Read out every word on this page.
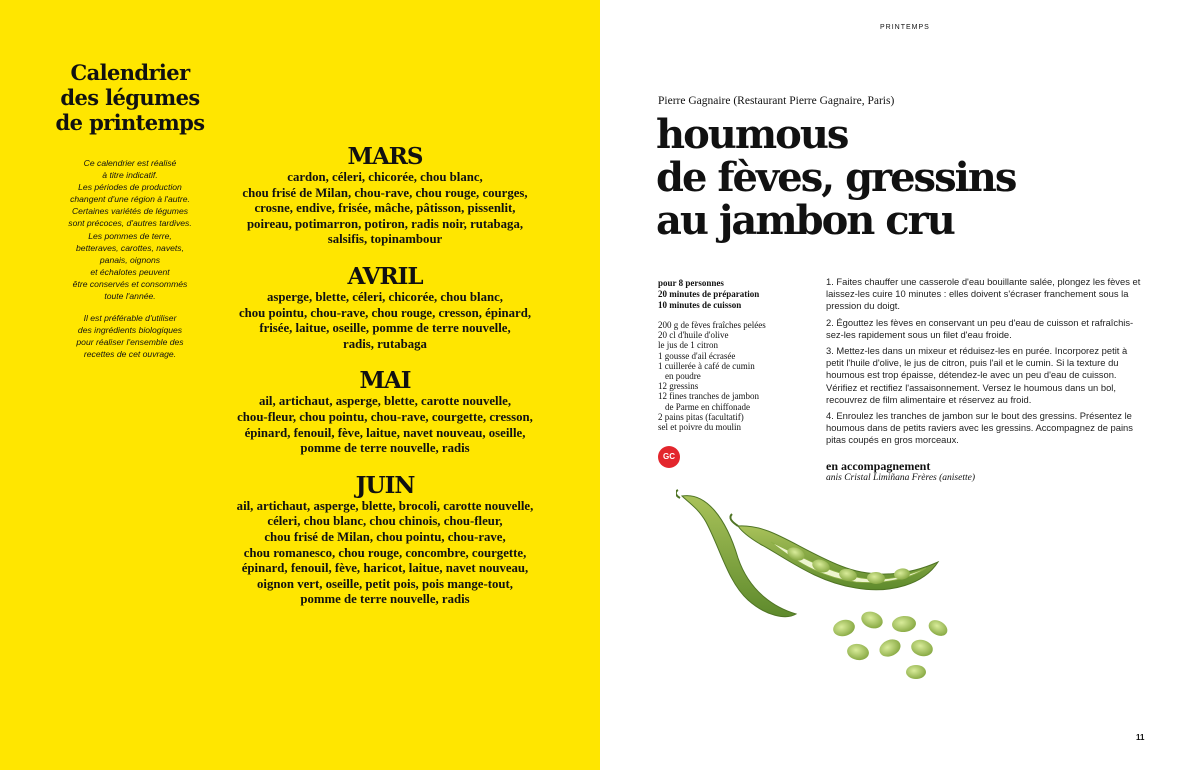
Calendrier
des légumes
de printemps
Ce calendrier est réalisé
à titre indicatif.
Les périodes de production
changent d'une région à l'autre.
Certaines variétés de légumes
sont précoces, d'autres tardives.
Les pommes de terre,
betteraves, carottes, navets,
panais, oignons
et échalotes peuvent
être conservés et consommés
toute l'année.
Il est préférable d'utiliser
des ingrédients biologiques
pour réaliser l'ensemble des
recettes de cet ouvrage.
MARS
cardon, céleri, chicorée, chou blanc,
chou frisé de Milan, chou-rave, chou rouge, courges,
crosne, endive, frisée, mâche, pâtisson, pissenlit,
poireau, potimarron, potiron, radis noir, rutabaga,
salsifis, topinambour
AVRIL
asperge, blette, céleri, chicorée, chou blanc,
chou pointu, chou-rave, chou rouge, cresson, épinard,
frisée, laitue, oseille, pomme de terre nouvelle,
radis, rutabaga
MAI
ail, artichaut, asperge, blette, carotte nouvelle,
chou-fleur, chou pointu, chou-rave, courgette, cresson,
épinard, fenouil, fève, laitue, navet nouveau, oseille,
pomme de terre nouvelle, radis
JUIN
ail, artichaut, asperge, blette, brocoli, carotte nouvelle,
céleri, chou blanc, chou chinois, chou-fleur,
chou frisé de Milan, chou pointu, chou-rave,
chou romanesco, chou rouge, concombre, courgette,
épinard, fenouil, fève, haricot, laitue, navet nouveau,
oignon vert, oseille, petit pois, pois mange-tout,
pomme de terre nouvelle, radis
PRINTEMPS
Pierre Gagnaire (Restaurant Pierre Gagnaire, Paris)
houmous
de fèves, gressins
au jambon cru
pour 8 personnes
20 minutes de préparation
10 minutes de cuisson
200 g de fèves fraîches pelées
20 cl d'huile d'olive
le jus de 1 citron
1 gousse d'ail écrasée
1 cuillerée à café de cumin
en poudre
12 gressins
12 fines tranches de jambon
de Parme en chiffonade
2 pains pitas (facultatif)
sel et poivre du moulin
GC

1. Faites chauffer une casserole d'eau bouillante salée, plongez les fèves et laissez-les cuire 10 minutes : elles doivent s'écraser franchement sous la pression du doigt.

2. Égouttez les fèves en conservant un peu d'eau de cuisson et rafraîchis-sez-les rapidement sous un filet d'eau froide.

3. Mettez-les dans un mixeur et réduisez-les en purée. Incorporez petit à petit l'huile d'olive, le jus de citron, puis l'ail et le cumin. Si la texture du houmous est trop épaisse, détendez-le avec un peu d'eau de cuisson. Vérifiez et rectifiez l'assaisonnement. Versez le houmous dans un bol, recouvrez de film alimentaire et réservez au froid.

4. Enroulez les tranches de jambon sur le bout des gressins. Présentez le houmous dans de petits raviers avec les gressins. Accompagnez de pains pitas coupés en gros morceaux.

en accompagnement
anis Cristal Limiñana Frères (anisette)
11
